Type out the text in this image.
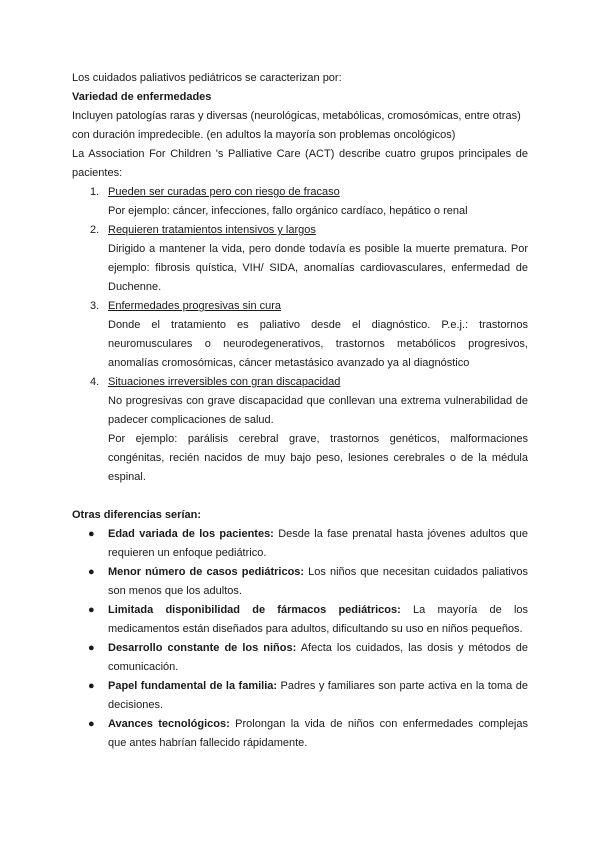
Los cuidados paliativos pediátricos se caracterizan por:

Variedad de enfermedades

Incluyen patologías raras y diversas (neurológicas, metabólicas, cromosómicas, entre otras)

con duración impredecible. (en adultos la mayoría son problemas oncológicos)

La Association For Children 's Palliative Care (ACT) describe cuatro grupos principales de pacientes:

1. Pueden ser curadas pero con riesgo de fracaso

Por ejemplo: cáncer, infecciones, fallo orgánico cardíaco, hepático o renal

2. Requieren tratamientos intensivos y largos

Dirigido a mantener la vida, pero donde todavía es posible la muerte prematura. Por ejemplo: fibrosis quística, VIH/ SIDA, anomalías cardiovasculares, enfermedad de Duchenne.

3. Enfermedades progresivas sin cura

Donde el tratamiento es paliativo desde el diagnóstico. P.e.j.: trastornos neuromusculares o neurodegenerativos, trastornos metabólicos progresivos, anomalías cromosómicas, cáncer metastásico avanzado ya al diagnóstico

4. Situaciones irreversibles con gran discapacidad

No progresivas con grave discapacidad que conllevan una extrema vulnerabilidad de padecer complicaciones de salud.

Por ejemplo: parálisis cerebral grave, trastornos genéticos, malformaciones congénitas, recién nacidos de muy bajo peso, lesiones cerebrales o de la médula espinal.

Otras diferencias serían:

● Edad variada de los pacientes: Desde la fase prenatal hasta jóvenes adultos que requieren un enfoque pediátrico.
● Menor número de casos pediátricos: Los niños que necesitan cuidados paliativos son menos que los adultos.
● Limitada disponibilidad de fármacos pediátricos: La mayoría de los medicamentos están diseñados para adultos, dificultando su uso en niños pequeños.
● Desarrollo constante de los niños: Afecta los cuidados, las dosis y métodos de comunicación.
● Papel fundamental de la familia: Padres y familiares son parte activa en la toma de decisiones.
● Avances tecnológicos: Prolongan la vida de niños con enfermedades complejas que antes habrían fallecido rápidamente.
